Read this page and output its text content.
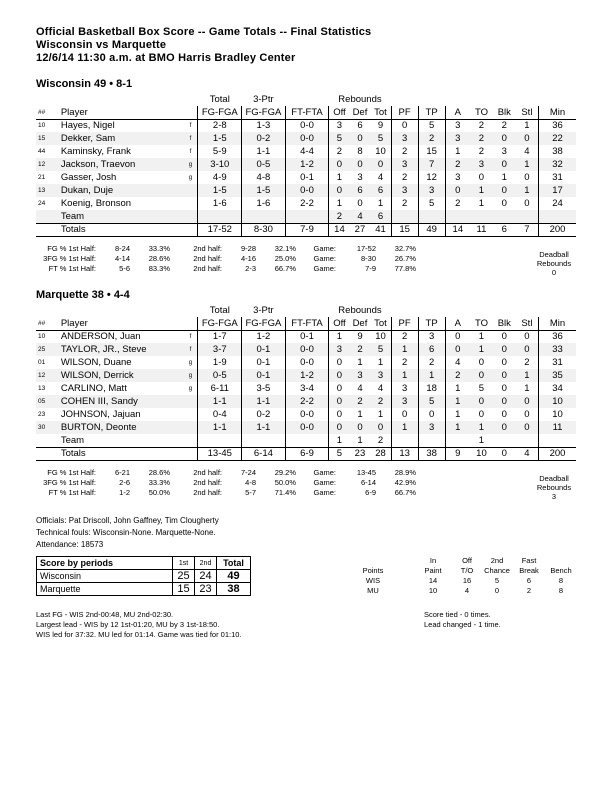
Official Basketball Box Score -- Game Totals -- Final Statistics
Wisconsin vs Marquette
12/6/14 11:30 a.m. at BMO Harris Bradley Center
Wisconsin 49 • 8-1
			Total	3-Ptr		Rebounds									
##	Player		FG-FGA	FG-FGA	FT-FTA	Off	Def	Tot	PF	TP	A	TO	Blk	Stl	Min
10	Hayes, Nigel	f	2-8	1-3	0-0	3	6	9	0	5	3	2	2	1	36
15	Dekker, Sam	f	1-5	0-2	0-0	5	0	5	3	2	3	2	0	0	22
44	Kaminsky, Frank	f	5-9	1-1	4-4	2	8	10	2	15	1	2	3	4	38
12	Jackson, Traevon	g	3-10	0-5	1-2	0	0	0	3	7	2	3	0	1	32
21	Gasser, Josh	g	4-9	4-8	0-1	1	3	4	2	12	3	0	1	0	31
13	Dukan, Duje		1-5	1-5	0-0	0	6	6	3	3	0	1	0	1	17
24	Koenig, Bronson		1-6	1-6	2-2	1	0	1	2	5	2	1	0	0	24
	Team					2	4	6							
	Totals		17-52	8-30	7-9	14	27	41	15	49	14	11	6	7	200
FG % 1st Half:	8-24	33.3%	2nd half:	9-28	32.1%	Game:	17-52	32.7%
3FG % 1st Half:	4-14	28.6%	2nd half:	4-16	25.0%	Game:	8-30	26.7%
FT % 1st Half:	5-6	83.3%	2nd half:	2-3	66.7%	Game:	7-9	77.8%
Deadball
Rebounds
0
Marquette 38 • 4-4
			Total	3-Ptr		Rebounds									
##	Player		FG-FGA	FG-FGA	FT-FTA	Off	Def	Tot	PF	TP	A	TO	Blk	Stl	Min
10	ANDERSON, Juan	f	1-7	1-2	0-1	1	9	10	2	3	0	1	0	0	36
25	TAYLOR, JR., Steve	f	3-7	0-1	0-0	3	2	5	1	6	0	1	0	0	33
01	WILSON, Duane	g	1-9	0-1	0-0	0	1	1	2	2	4	0	0	2	31
12	WILSON, Derrick	g	0-5	0-1	1-2	0	3	3	1	1	2	0	0	1	35
13	CARLINO, Matt	g	6-11	3-5	3-4	0	4	4	3	18	1	5	0	1	34
05	COHEN III, Sandy		1-1	1-1	2-2	0	2	2	3	5	1	0	0	0	10
23	JOHNSON, Jajuan		0-4	0-2	0-0	0	1	1	0	0	1	0	0	0	10
30	BURTON, Deonte		1-1	1-1	0-0	0	0	0	1	3	1	1	0	0	11
	Team					1	1	2				1			
	Totals		13-45	6-14	6-9	5	23	28	13	38	9	10	0	4	200
FG % 1st Half:	6-21	28.6%	2nd half:	7-24	29.2%	Game:	13-45	28.9%
3FG % 1st Half:	2-6	33.3%	2nd half:	4-8	50.0%	Game:	6-14	42.9%
FT % 1st Half:	1-2	50.0%	2nd half:	5-7	71.4%	Game:	6-9	66.7%
Deadball
Rebounds
3
Officials: Pat Driscoll, John Gaffney, Tim Clougherty
Technical fouls: Wisconsin-None. Marquette-None.
Attendance: 18573
Score by periods	1st	2nd	Total
Wisconsin	25	24	49
Marquette	15	23	38
In	Off	2nd	Fast
Points	Paint	T/O	Chance	Break	Bench
WIS	14	16	5	6	8
MU	10	4	0	2	8
Last FG - WIS 2nd-00:48, MU 2nd-02:30.
Largest lead - WIS by 12 1st-01:20, MU by 3 1st-18:50.
WIS led for 37:32. MU led for 01:14. Game was tied for 01:10.
Score tied - 0 times.
Lead changed - 1 time.
